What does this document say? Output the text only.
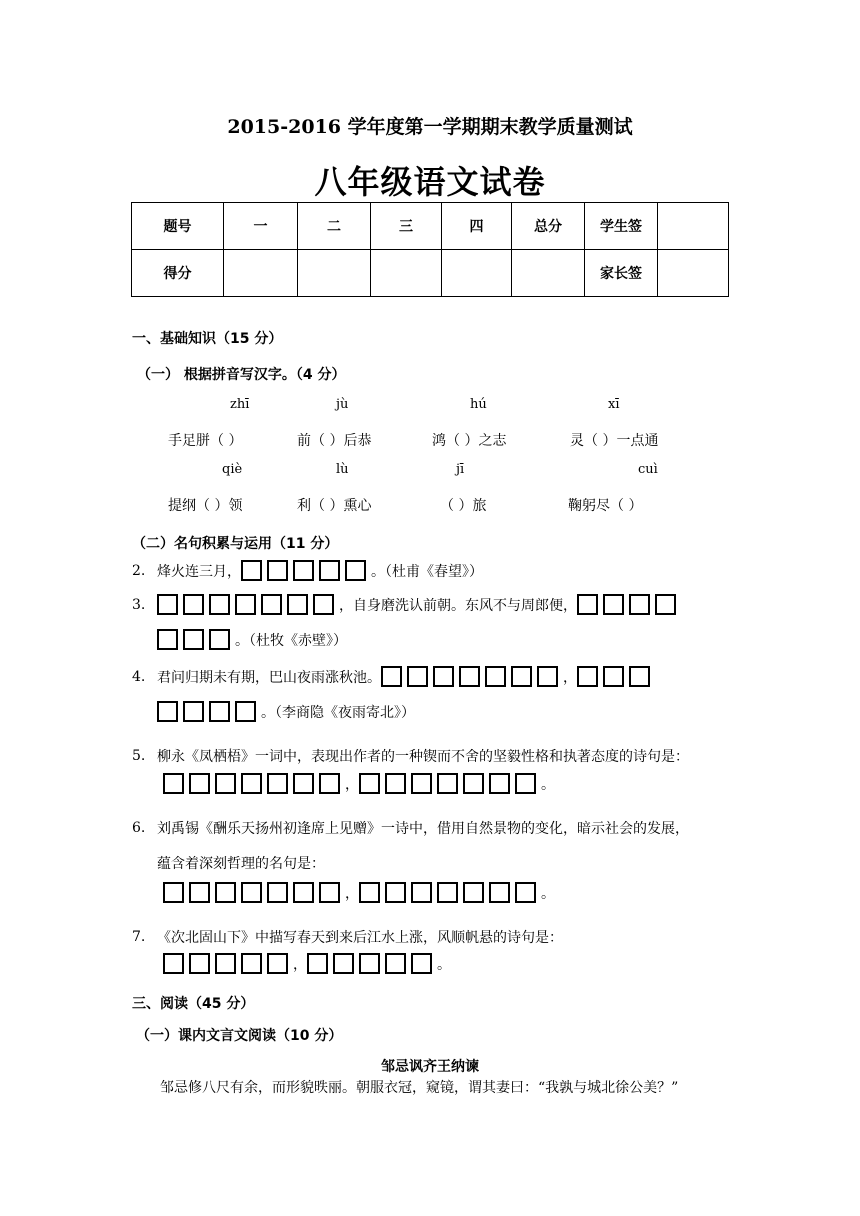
2015-2016 学年度第一学期期末教学质量测试
八年级语文试卷
题号	一	二	三	四	总分	学生签	
得分						家长签	
一、基础知识（15 分）
（一） 根据拼音写汉字。（4 分）
zhī	jù	hú	xī
手足胼（ ）	前（ ）后恭	鸿（ ）之志	灵（ ）一点通
qiè	lù	jī	cuì
提纲（ ）领	利（ ）熏心	（ ）旅	鞠躬尽（ ）
（二）名句积累与运用（11 分）
2. 烽火连三月，	。（杜甫《春望》）
3.	，自身磨洗认前朝。东风不与周郎便，
。（杜牧《赤壁》）
4. 君问归期未有期，巴山夜雨涨秋池。	，
。（李商隐《夜雨寄北》）
5. 柳永《凤栖梧》一词中，表现出作者的一种锲而不舍的坚毅性格和执著态度的诗句是：
，	。
6. 刘禹锡《酬乐天扬州初逢席上见赠》一诗中，借用自然景物的变化，暗示社会的发展，
蕴含着深刻哲理的名句是：
，	。
7. 《次北固山下》中描写春天到来后江水上涨，风顺帆悬的诗句是：
，	。
三、阅读（45 分）
（一）课内文言文阅读（10 分）
邹忌讽齐王纳谏
邹忌修八尺有余，而形貌昳丽。朝服衣冠，窥镜，谓其妻曰：“我孰与城北徐公美？”
